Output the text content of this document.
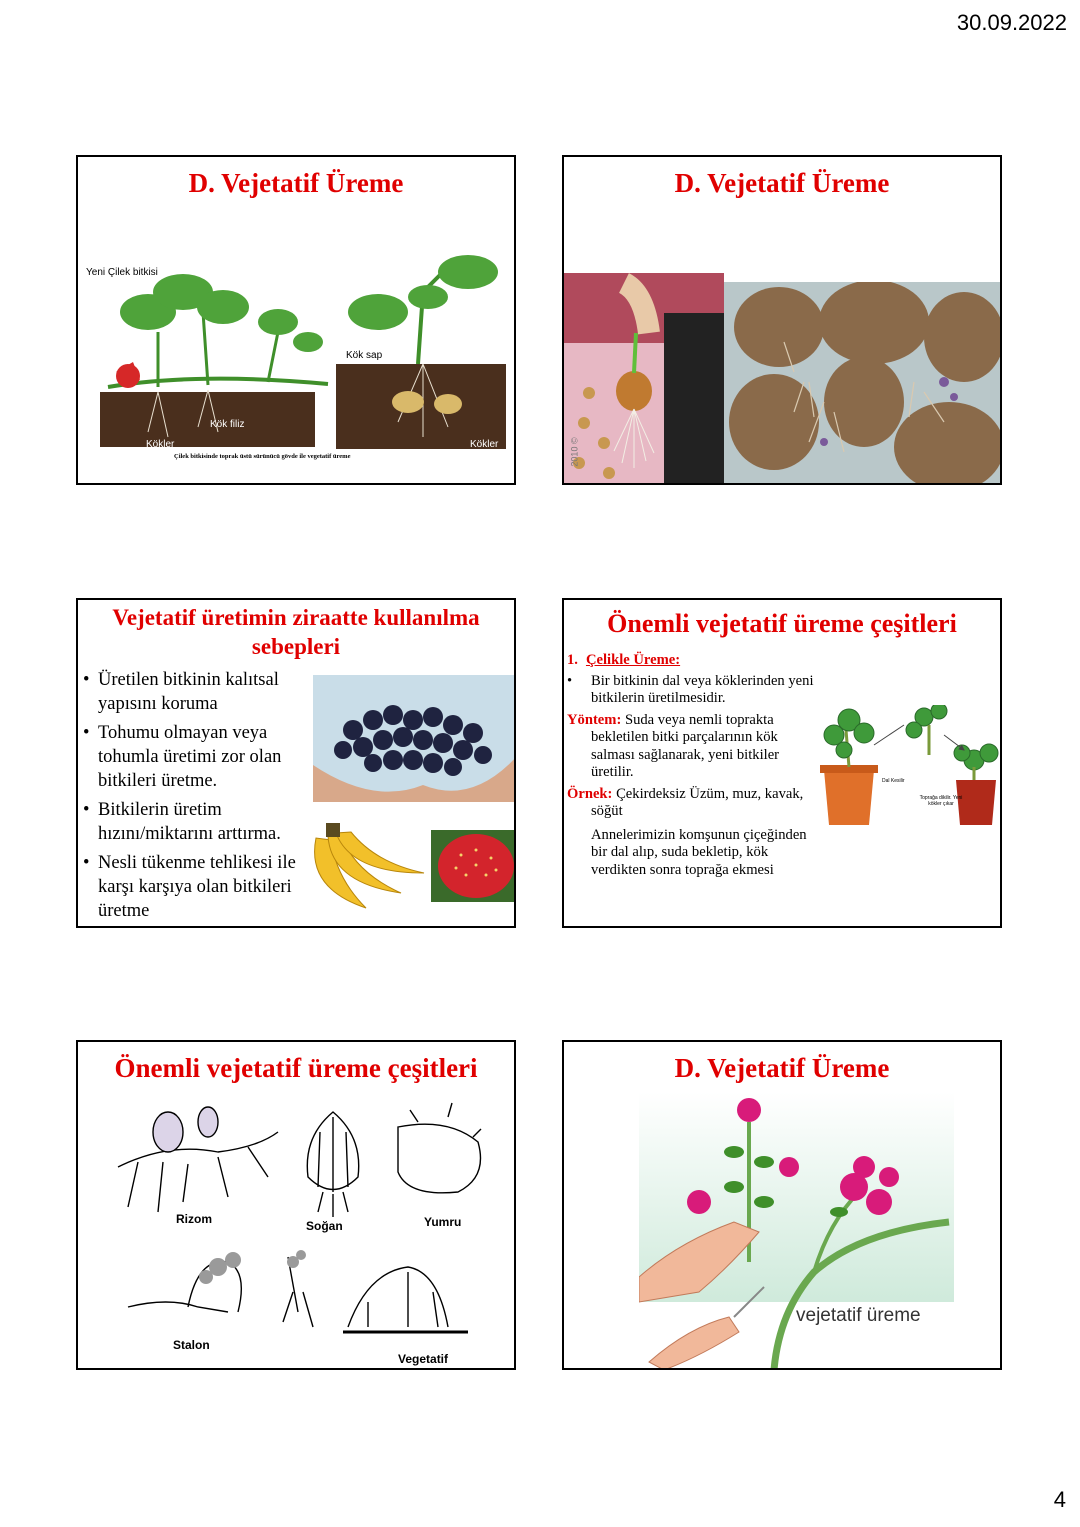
30.09.2022
D. Vejetatif Üreme
Yeni Çilek bitkisi
Kök sap	Yumru
Kök filiz
Kökler	Kökler
Çilek bitkisinde toprak üstü sürünücü gövde ile vegetatif üreme
D. Vejetatif Üreme
2010 ©
Vejetatif üretimin ziraatte kullanılma sebepleri
• Üretilen bitkinin kalıtsal yapısını koruma
• Tohumu olmayan veya tohumla üretimi zor olan bitkileri üretme.
• Bitkilerin üretim hızını/miktarını arttırma.
• Nesli tükenme tehlikesi ile karşı karşıya olan bitkileri üretme
Önemli vejetatif üreme çeşitleri
1. Çelikle Üreme:
• Bir bitkinin dal veya köklerinden yeni bitkilerin üretilmesidir.
Yöntem: Suda veya nemli toprakta bekletilen bitki parçalarının kök salması sağlanarak, yeni bitkiler üretilir.
Örnek: Çekirdeksiz Üzüm, muz, kavak, söğüt
Annelerimizin komşunun çiçeğinden bir dal alıp, suda bekletip, kök verdikten sonra toprağa ekmesi
Dal Kesilir
Toprağa dikilir. Yeni kökler çıkar
Önemli vejetatif üreme çeşitleri
Rizom	Soğan	Yumru
Stalon
Vegetatif
D. Vejetatif Üreme
vejetatif üreme
4
